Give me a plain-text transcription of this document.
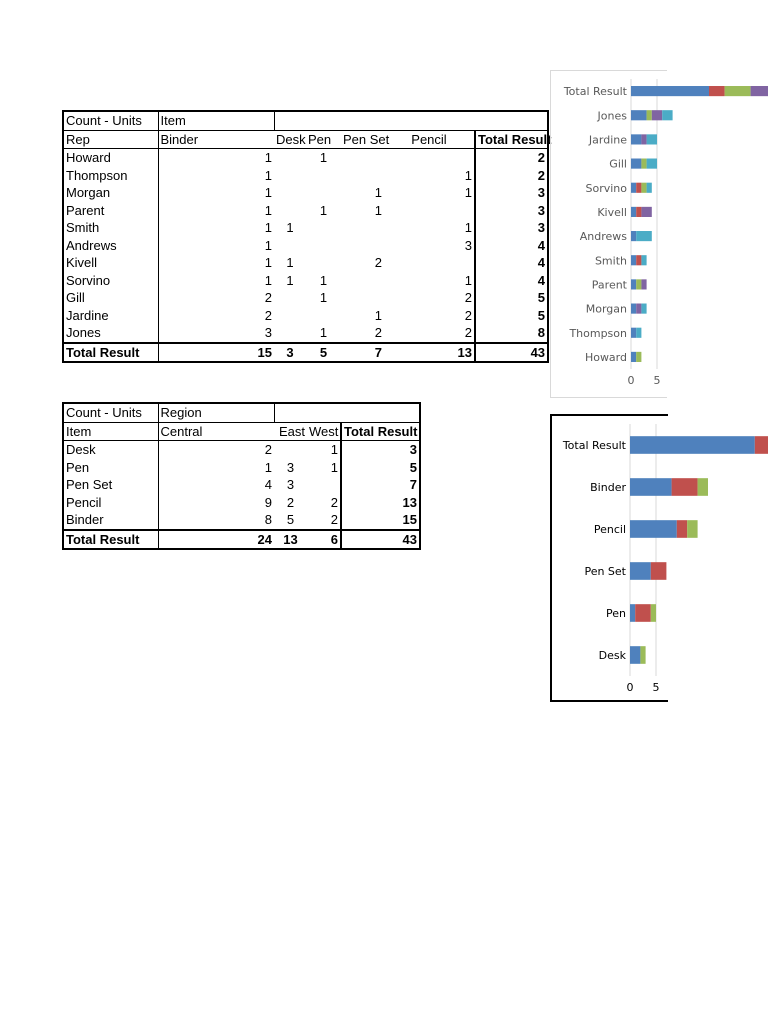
Count - Units	Item					
Rep	Binder	Desk	Pen	Pen Set	Pencil	Total Result
Howard	1		1			2
Thompson	1				1	2
Morgan	1			1	1	3
Parent	1		1	1		3
Smith	1	1			1	3
Andrews	1				3	4
Kivell	1	1		2		4
Sorvino	1	1	1		1	4
Gill	2		1		2	5
Jardine	2			1	2	5
Jones	3		1	2	2	8
Total Result	15	3	5	7	13	43
Count - Units	Region			
Item	Central	East	West	Total Result
Desk	2		1	3
Pen	1	3	1	5
Pen Set	4	3		7
Pencil	9	2	2	13
Binder	8	5	2	15
Total Result	24	13	6	43
0 5
Howard
Thompson
Morgan
Parent
Smith
Andrews
Kivell
Sorvino
Gill
Jardine
Jones
Total Result
0 5
Desk
Pen
Pen Set
Pencil
Binder
Total Result
